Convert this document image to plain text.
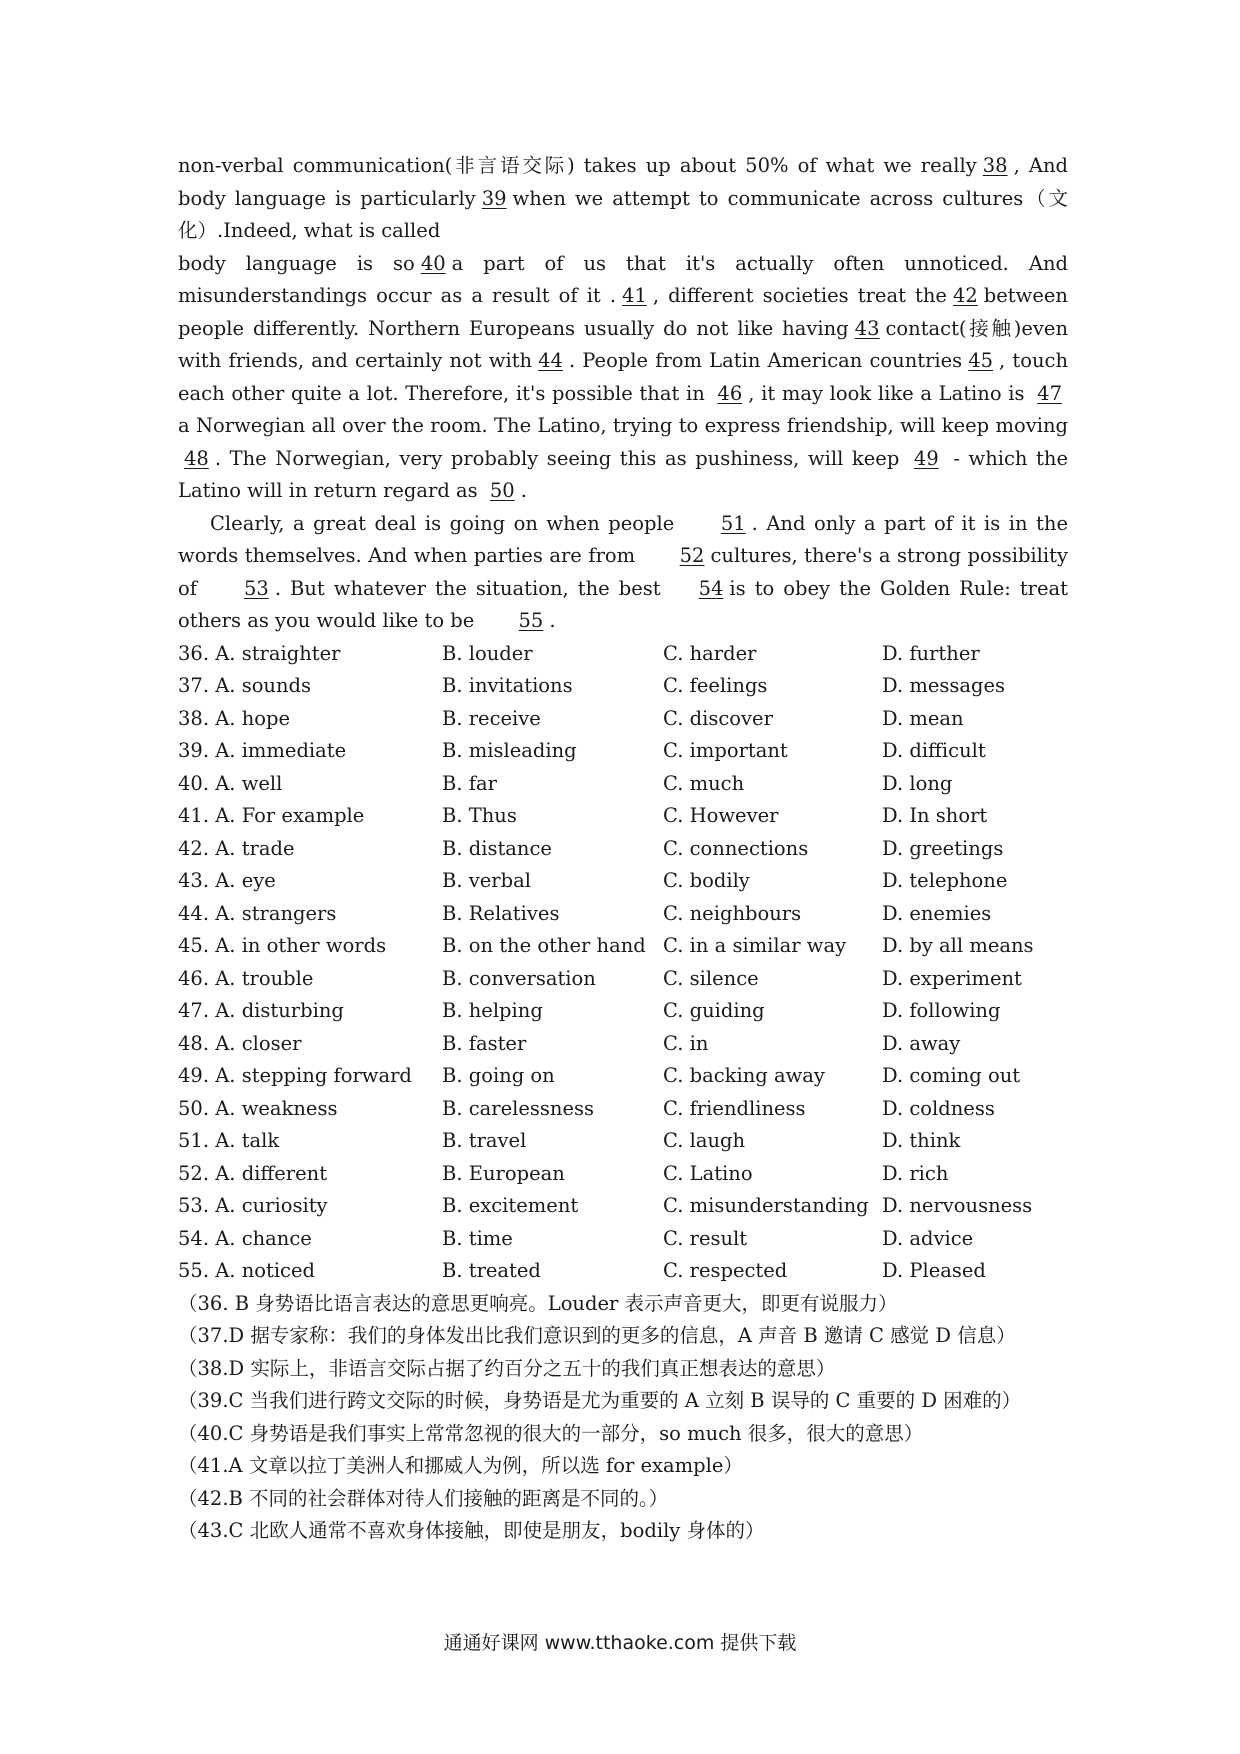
non-verbal communication(非言语交际) takes up about 50% of what we really 38 , And body language is particularly 39 when we attempt to communicate across cultures（文化）.Indeed, what is called

body language is so 40 a part of us that it's actually often unnoticed. And misunderstandings occur as a result of it . 41 , different societies treat the 42 between people differently. Northern Europeans usually do not like having 43 contact(接触)even with friends, and certainly not with 44 . People from Latin American countries 45 , touch each other quite a lot. Therefore, it's possible that in 46 , it may look like a Latino is 47a Norwegian all over the room. The Latino, trying to express friendship, will keep moving 48 . The Norwegian, very probably seeing this as pushiness, will keep 49 - which the Latino will in return regard as 50 .

Clearly, a great deal is going on when people 51 . And only a part of it is in the words themselves. And when parties are from 52 cultures, there's a strong possibility of 53 . But whatever the situation, the best 54 is to obey the Golden Rule: treat others as you would like to be 55 .

36. A. straighter	B. louder	C. harder	D. further
37. A. sounds	B. invitations	C. feelings	D. messages
38. A. hope	B. receive	C. discover	D. mean
39. A. immediate	B. misleading	C. important	D. difficult
40. A. well	B. far	C. much	D. long
41. A. For example	B. Thus	C. However	D. In short
42. A. trade	B. distance	C. connections	D. greetings
43. A. eye	B. verbal	C. bodily	D. telephone
44. A. strangers	B. Relatives	C. neighbours	D. enemies
45. A. in other words	B. on the other hand C. in a similar way	D. by all means
46. A. trouble	B. conversation	C. silence	D. experiment
47. A. disturbing	B. helping	C. guiding	D. following
48. A. closer	B. faster	C. in	D. away
49. A. stepping forward	B. going on	C. backing away	D. coming out
50. A. weakness	B. carelessness	C. friendliness	D. coldness
51. A. talk	B. travel	C. laugh	D. think
52. A. different	B. European	C. Latino	D. rich
53. A. curiosity	B. excitement	C. misunderstanding D. nervousness
54. A. chance	B. time	C. result	D. advice
55. A. noticed	B. treated	C. respected	D. Pleased

（36. B 身势语比语言表达的意思更响亮。Louder 表示声音更大，即更有说服力）

（37.D 据专家称：我们的身体发出比我们意识到的更多的信息，A 声音 B 邀请 C 感觉 D 信息）

（38.D 实际上，非语言交际占据了约百分之五十的我们真正想表达的意思）

（39.C 当我们进行跨文交际的时候，身势语是尤为重要的 A 立刻 B 误导的 C 重要的 D 困难的）

（40.C 身势语是我们事实上常常忽视的很大的一部分，so much 很多，很大的意思）

（41.A 文章以拉丁美洲人和挪威人为例，所以选 for example）

（42.B 不同的社会群体对待人们接触的距离是不同的。）

（43.C 北欧人通常不喜欢身体接触，即使是朋友，bodily 身体的）

通通好课网 www.tthaoke.com 提供下载
